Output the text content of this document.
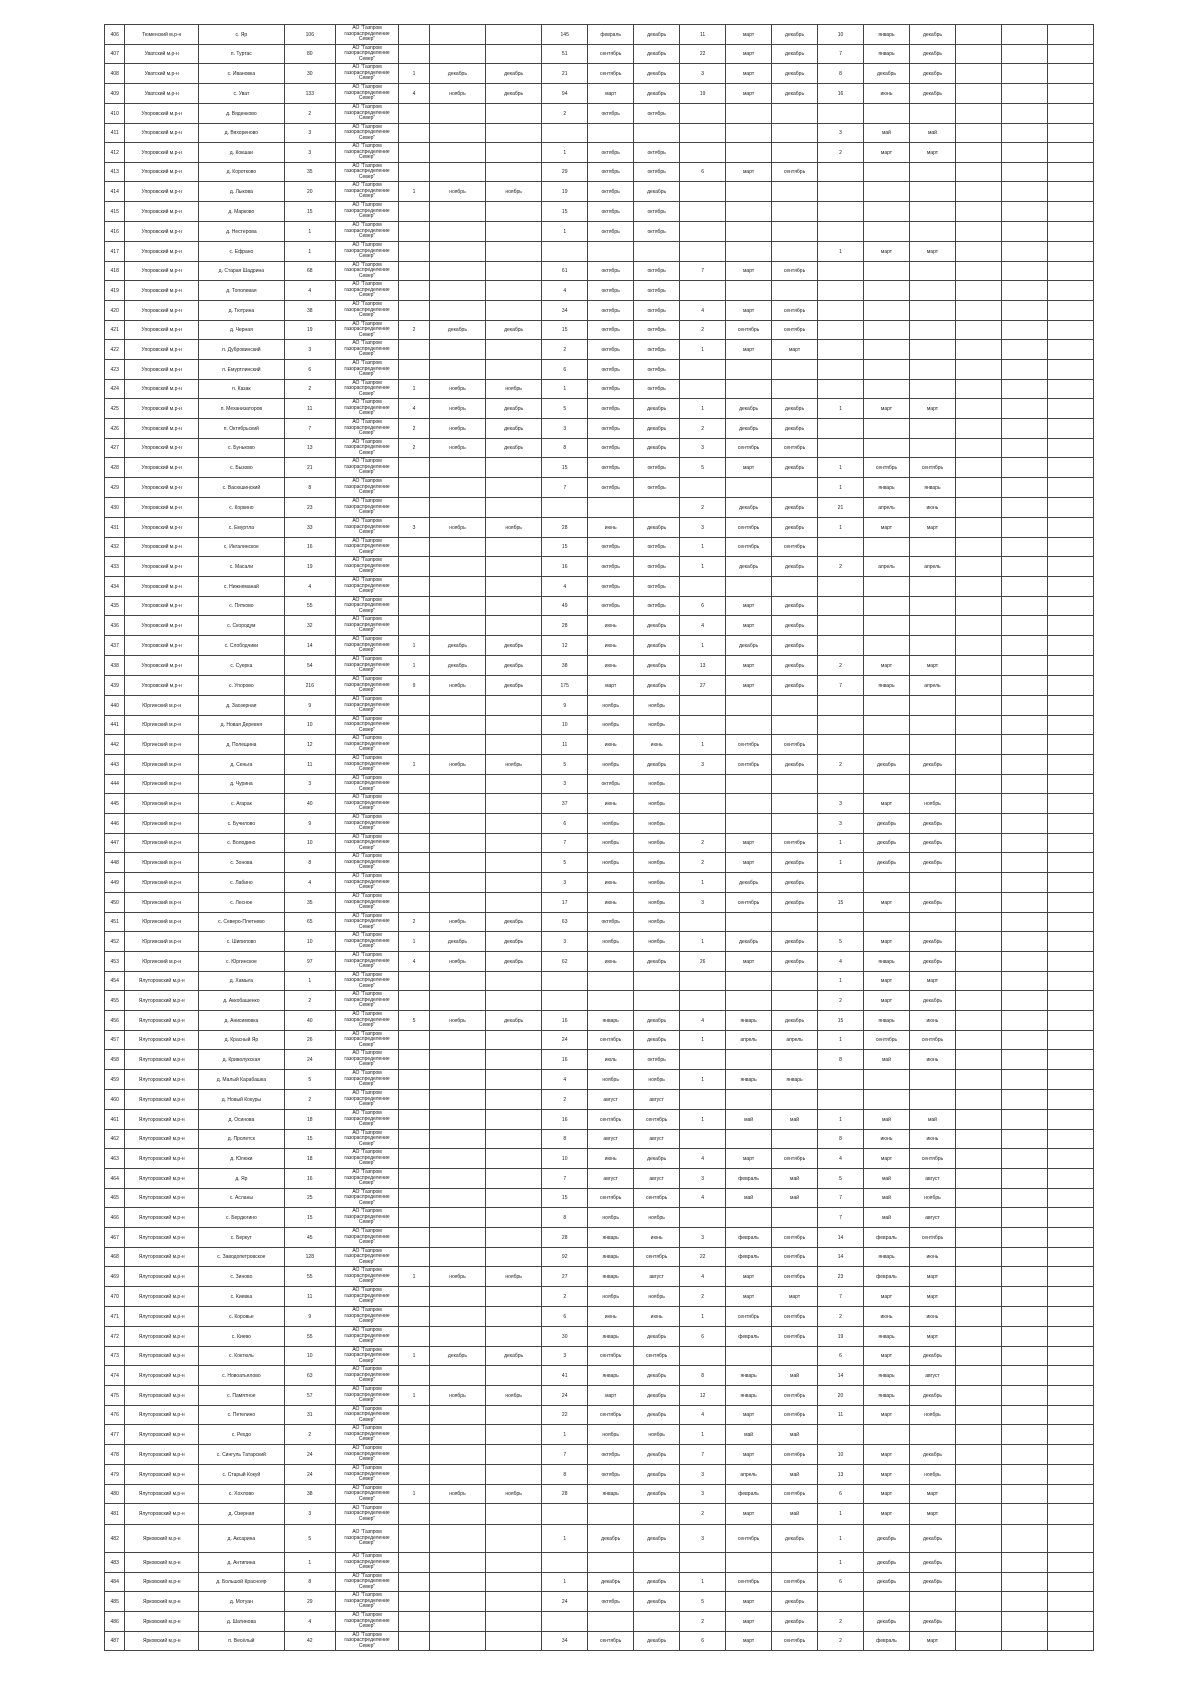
406	Тюменский м.р-н	с. Яр	106	АО "Газпром газораспределение Север"				145	февраль	декабрь	11	март	декабрь	10	январь	декабрь			
407	Уватский м.р-н	п. Туртас	80	АО "Газпром газораспределение Север"				51	сентябрь	декабрь	22	март	декабрь	7	январь	декабрь			
408	Уватский м.р-н	с. Ивановка	30	АО "Газпром газораспределение Север"	1	декабрь	декабрь	21	сентябрь	декабрь	3	март	декабрь	8	декабрь	декабрь			
409	Уватский м.р-н	с. Уват	133	АО "Газпром газораспределение Север"	4	ноябрь	декабрь	94	март	декабрь	19	март	декабрь	16	июнь	декабрь			
410	Упоровский м.р-н	д. Вяденково	2	АО "Газпром газораспределение Север"				2	октябрь	октябрь									
411	Упоровский м.р-н	д. Вяхореново	3	АО "Газпром газораспределение Север"										3	май	май			
412	Упоровский м.р-н	д. Кокшаи	3	АО "Газпром газораспределение Север"				1	октябрь	октябрь				2	март	март			
413	Упоровский м.р-н	д. Коротково	35	АО "Газпром газораспределение Север"				29	октябрь	октябрь	6	март	сентябрь						
414	Упоровский м.р-н	д. Лыкова	20	АО "Газпром газораспределение Север"	1	ноябрь	ноябрь	19	октябрь	декабрь									
415	Упоровский м.р-н	д. Марково	15	АО "Газпром газораспределение Север"				15	октябрь	октябрь									
416	Упоровский м.р-н	д. Нестерова	1	АО "Газпром газораспределение Север"				1	октябрь	октябрь									
417	Упоровский м.р-н	с. Ефрано	1	АО "Газпром газораспределение Север"										1	март	март			
418	Упоровский м.р-н	д. Старая Шадрина	68	АО "Газпром газораспределение Север"				61	октябрь	октябрь	7	март	сентябрь						
419	Упоровский м.р-н	д. Тополевая	4	АО "Газпром газораспределение Север"				4	октябрь	октябрь									
420	Упоровский м.р-н	д. Тютрина	38	АО "Газпром газораспределение Север"				34	октябрь	октябрь	4	март	сентябрь						
421	Упоровский м.р-н	д. Черная	19	АО "Газпром газораспределение Север"	2	декабрь	декабрь	15	октябрь	октябрь	2	сентябрь	сентябрь						
422	Упоровский м.р-н	п. Дубровинский	3	АО "Газпром газораспределение Север"				2	октябрь	октябрь	1	март	март						
423	Упоровский м.р-н	п. Емуртлинский	6	АО "Газпром газораспределение Север"				6	октябрь	октябрь									
424	Упоровский м.р-н	п. Казак	2	АО "Газпром газораспределение Север"	1	ноябрь	ноябрь	1	октябрь	октябрь									
425	Упоровский м.р-н	п. Механизаторов	11	АО "Газпром газораспределение Север"	4	ноябрь	декабрь	5	октябрь	декабрь	1	декабрь	декабрь	1	март	март			
426	Упоровский м.р-н	п. Октябрьский	7	АО "Газпром газораспределение Север"	2	ноябрь	декабрь	3	октябрь	декабрь	2	декабрь	декабрь						
427	Упоровский м.р-н	с. Буньково	13	АО "Газпром газораспределение Север"	2	ноябрь	декабрь	8	октябрь	декабрь	3	сентябрь	сентябрь						
428	Упоровский м.р-н	с. Бызово	21	АО "Газпром газораспределение Север"				15	октябрь	октябрь	5	март	декабрь	1	сентябрь	сентябрь			
429	Упоровский м.р-н	с. Васюшинский	8	АО "Газпром газораспределение Север"				7	октябрь	октябрь				1	январь	январь			
430	Упоровский м.р-н	с. Коркино	23	АО "Газпром газораспределение Север"							2	декабрь	декабрь	21	апрель	июнь			
431	Упоровский м.р-н	с. Емуртла	33	АО "Газпром газораспределение Север"	3	ноябрь	ноябрь	28	июнь	декабрь	3	сентябрь	декабрь	1	март	март			
432	Упоровский м.р-н	с. Ингалинское	16	АО "Газпром газораспределение Север"				15	октябрь	октябрь	1	сентябрь	сентябрь						
433	Упоровский м.р-н	с. Масали	19	АО "Газпром газораспределение Север"				16	октябрь	октябрь	1	декабрь	декабрь	2	апрель	апрель			
434	Упоровский м.р-н	с. Нижнеманай	4	АО "Газпром газораспределение Север"				4	октябрь	октябрь									
435	Упоровский м.р-н	с. Пятково	55	АО "Газпром газораспределение Север"				49	октябрь	октябрь	6	март	декабрь						
436	Упоровский м.р-н	с. Скородум	32	АО "Газпром газораспределение Север"				28	июнь	декабрь	4	март	декабрь						
437	Упоровский м.р-н	с. Слободчики	14	АО "Газпром газораспределение Север"	1	декабрь	декабрь	12	июнь	декабрь	1	декабрь	декабрь						
438	Упоровский м.р-н	с. Суерка	54	АО "Газпром газораспределение Север"	1	декабрь	декабрь	38	июнь	декабрь	13	март	декабрь	2	март	март			
439	Упоровский м.р-н	с. Упорово	216	АО "Газпром газораспределение Север"	9	ноябрь	декабрь	175	март	декабрь	27	март	декабрь	7	январь	апрель			
440	Юргинский м.р-н	д. Заозерная	9	АО "Газпром газораспределение Север"				9	ноябрь	ноябрь									
441	Юргинский м.р-н	д. Новая Деревня	10	АО "Газпром газораспределение Север"				10	ноябрь	ноябрь									
442	Юргинский м.р-н	д. Полещина	12	АО "Газпром газораспределение Север"				11	июнь	июнь	1	сентябрь	сентябрь						
443	Юргинский м.р-н	д. Сеньга	11	АО "Газпром газораспределение Север"	1	ноябрь	ноябрь	5	ноябрь	декабрь	3	сентябрь	декабрь	2	декабрь	декабрь			
444	Юргинский м.р-н	д. Чурина	3	АО "Газпром газораспределение Север"				3	октябрь	ноябрь									
445	Юргинский м.р-н	с. Агарак	40	АО "Газпром газораспределение Север"				37	июнь	ноябрь				3	март	ноябрь			
446	Юргинский м.р-н	с. Бучилово	9	АО "Газпром газораспределение Север"				6	ноябрь	ноябрь				3	декабрь	декабрь			
447	Юргинский м.р-н	с. Володино	10	АО "Газпром газораспределение Север"				7	ноябрь	ноябрь	2	март	сентябрь	1	декабрь	декабрь			
448	Юргинский м.р-н	с. Зонова	8	АО "Газпром газораспределение Север"				5	ноябрь	ноябрь	2	март	декабрь	1	декабрь	декабрь			
449	Юргинский м.р-н	с. Лабино	4	АО "Газпром газораспределение Север"				3	июнь	ноябрь	1	декабрь	декабрь						
450	Юргинский м.р-н	с. Лесное	35	АО "Газпром газораспределение Север"				17	июнь	ноябрь	3	сентябрь	декабрь	15	март	декабрь			
451	Юргинский м.р-н	с. Северо-Плетнево	65	АО "Газпром газораспределение Север"	2	ноябрь	декабрь	63	октябрь	ноябрь									
452	Юргинский м.р-н	с. Шипилово	10	АО "Газпром газораспределение Север"	1	декабрь	декабрь	3	ноябрь	ноябрь	1	декабрь	декабрь	5	март	декабрь			
453	Юргинский м.р-н	с. Юргинское	97	АО "Газпром газораспределение Север"	4	ноябрь	декабрь	62	июнь	декабрь	26	март	декабрь	4	январь	декабрь			
454	Ялуторовский м.р-н	д. Хамыга	1	АО "Газпром газораспределение Север"										1	март	март			
455	Ялуторовский м.р-н	д. Аккобашенко	2	АО "Газпром газораспределение Север"										2	март	декабрь			
456	Ялуторовский м.р-н	д. Анисимовка	40	АО "Газпром газораспределение Север"	5	ноябрь	декабрь	16	январь	декабрь	4	январь	декабрь	15	январь	июнь			
457	Ялуторовский м.р-н	д. Красный Яр	26	АО "Газпром газораспределение Север"				24	сентябрь	декабрь	1	апрель	апрель	1	сентябрь	сентябрь			
458	Ялуторовский м.р-н	д. Криволукская	24	АО "Газпром газораспределение Север"				16	июль	октябрь				8	май	июнь			
459	Ялуторовский м.р-н	д. Малый Карабашка	5	АО "Газпром газораспределение Север"				4	ноябрь	ноябрь	1	январь	январь						
460	Ялуторовский м.р-н	д. Новый Кокуры	2	АО "Газпром газораспределение Север"				2	август	август									
461	Ялуторовский м.р-н	д. Осинова	18	АО "Газпром газораспределение Север"				16	сентябрь	сентябрь	1	май	май	1	май	май			
462	Ялуторовский м.р-н	д. Пролетск	15	АО "Газпром газораспределение Север"				8	август	август				8	июнь	июнь			
463	Ялуторовский м.р-н	д. Юлюки	18	АО "Газпром газораспределение Север"				10	июнь	декабрь	4	март	сентябрь	4	март	сентябрь			
464	Ялуторовский м.р-н	д. Яр	16	АО "Газпром газораспределение Север"				7	август	август	3	февраль	май	5	май	август			
465	Ялуторовский м.р-н	с. Асланы	25	АО "Газпром газораспределение Север"				15	сентябрь	сентябрь	4	май	май	7	май	ноябрь			
466	Ялуторовский м.р-н	с. Бердюгино	15	АО "Газпром газораспределение Север"				8	ноябрь	ноябрь				7	май	август			
467	Ялуторовский м.р-н	с. Беркут	45	АО "Газпром газораспределение Север"				28	январь	июнь	3	февраль	сентябрь	14	февраль	сентябрь			
468	Ялуторовский м.р-н	с. Заводопетровское	128	АО "Газпром газораспределение Север"				92	январь	сентябрь	22	февраль	сентябрь	14	январь	июнь			
469	Ялуторовский м.р-н	с. Зиново	55	АО "Газпром газораспределение Север"	1	ноябрь	ноябрь	27	январь	август	4	март	сентябрь	23	февраль	март			
470	Ялуторовский м.р-н	с. Киевка	11	АО "Газпром газораспределение Север"				2	ноябрь	ноябрь	2	март	март	7	март	март			
471	Ялуторовский м.р-н	с. Коровье	9	АО "Газпром газораспределение Север"				6	июнь	июнь	1	сентябрь	сентябрь	2	июнь	июнь			
472	Ялуторовский м.р-н	с. Киево	55	АО "Газпром газораспределение Север"				30	январь	декабрь	6	февраль	сентябрь	19	январь	март			
473	Ялуторовский м.р-н	с. Коктюль	10	АО "Газпром газораспределение Север"	1	декабрь	декабрь	3	сентябрь	сентябрь				6	март	декабрь			
474	Ялуторовский м.р-н	с. Новоатьялово	63	АО "Газпром газораспределение Север"				41	январь	декабрь	8	январь	май	14	январь	август			
475	Ялуторовский м.р-н	с. Памятное	57	АО "Газпром газораспределение Север"	1	ноябрь	ноябрь	24	март	декабрь	12	январь	сентябрь	20	январь	декабрь			
476	Ялуторовский м.р-н	с. Петелино	31	АО "Газпром газораспределение Север"				22	сентябрь	декабрь	4	март	сентябрь	11	март	ноябрь			
477	Ялуторовский м.р-н	с. Рехдо	2	АО "Газпром газораспределение Север"				1	ноябрь	ноябрь	1	май	май						
478	Ялуторовский м.р-н	с. Сингуль Татарский	24	АО "Газпром газораспределение Север"				7	октябрь	декабрь	7	март	сентябрь	10	март	декабрь			
479	Ялуторовский м.р-н	с. Старый Кокуй	24	АО "Газпром газораспределение Север"				8	октябрь	декабрь	3	апрель	май	13	март	ноябрь			
480	Ялуторовский м.р-н	с. Хохлово	38	АО "Газпром газораспределение Север"	1	ноябрь	ноябрь	28	январь	декабрь	3	февраль	сентябрь	6	март	март			
481	Ялуторовский м.р-н	д. Озерная	3	АО "Газпром газораспределение Север"							2	март	май	1	март	март			
482	Ярковский м.р-н	д. Аксарина	5	АО "Газпром газораспределение Север"				1	декабрь	декабрь	3	сентябрь	декабрь	1	декабрь	декабрь			
483	Ярковский м.р-н	д. Антипина	1	АО "Газпром газораспределение Север"										1	декабрь	декабрь			
484	Ярковский м.р-н	д. Большой Краснояр	8	АО "Газпром газораспределение Север"				1	декабрь	декабрь	1	сентябрь	сентябрь	6	декабрь	декабрь			
485	Ярковский м.р-н	д. Мотуан	29	АО "Газпром газораспределение Север"				24	октябрь	декабрь	5	март	декабрь						
486	Ярковский м.р-н	д. Шатинова	4	АО "Газпром газораспределение Север"							2	март	декабрь	2	декабрь	декабрь			
487	Ярковский м.р-н	п. Весёлый	42	АО "Газпром газораспределение Север"				34	сентябрь	декабрь	6	март	сентябрь	2	февраль	март			
